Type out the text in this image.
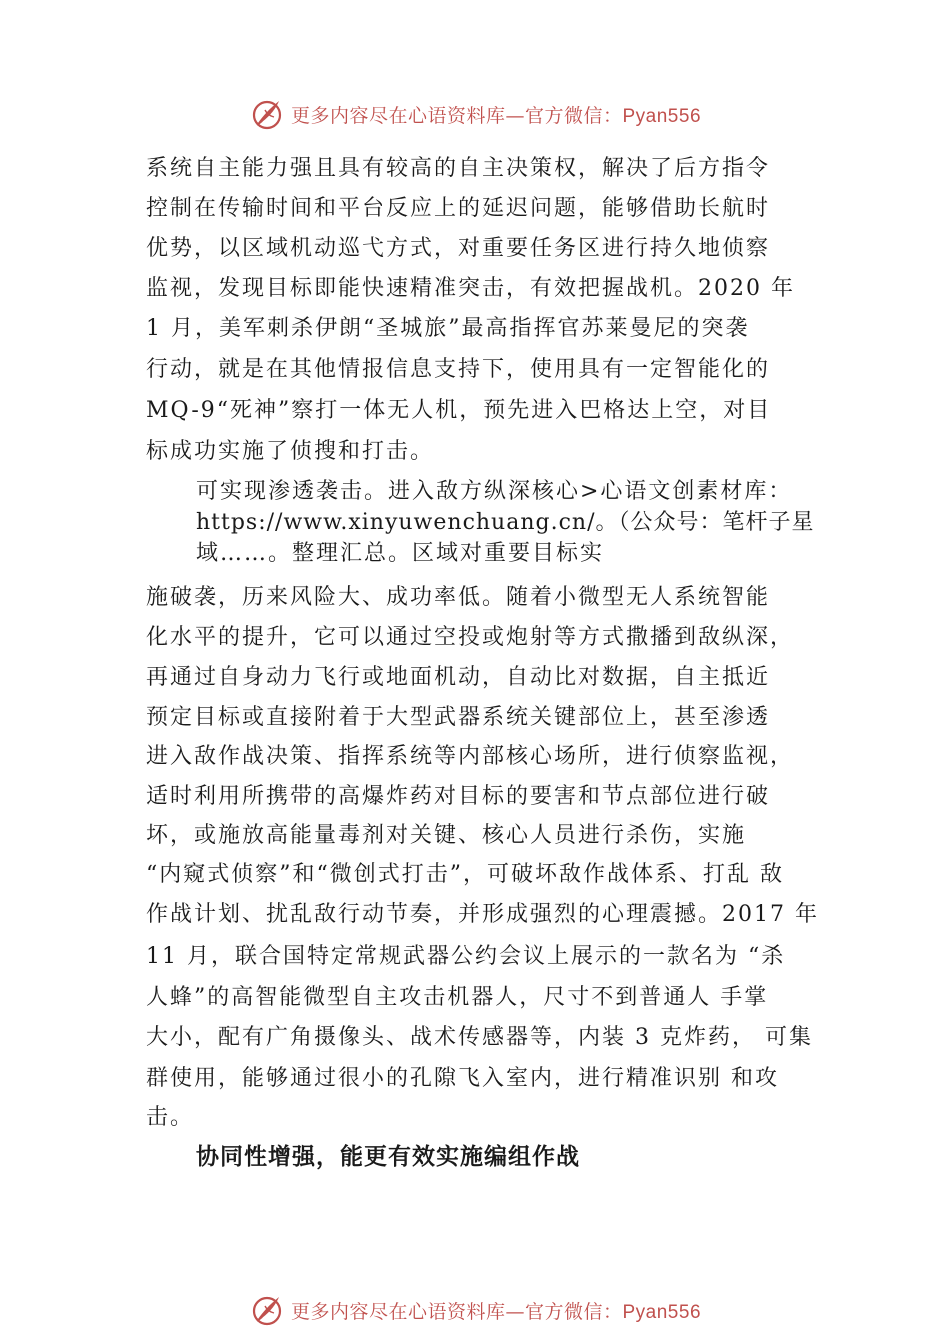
更多内容尽在心语资料库—官方微信：Pyan556
系统自主能力强且具有较高的自主决策权，解决了后方指令
控制在传输时间和平台反应上的延迟问题，能够借助长航时
优势，以区域机动巡弋方式，对重要任务区进行持久地侦察
监视，发现目标即能快速精准突击，有效把握战机。2020 年
1 月，美军刺杀伊朗“圣城旅”最高指挥官苏莱曼尼的突袭
行动，就是在其他情报信息支持下，使用具有一定智能化的
MQ-9“死神”察打一体无人机，预先进入巴格达上空，对目
标成功实施了侦搜和打击。
可实现渗透袭击。进入敌方纵深核心>心语文创素材库：
https://www.xinyuwenchuang.cn/。（公众号：笔杆子星
域……。整理汇总。区域对重要目标实
施破袭，历来风险大、成功率低。随着小微型无人系统智能
化水平的提升，它可以通过空投或炮射等方式撒播到敌纵深，
再通过自身动力飞行或地面机动，自动比对数据，自主抵近
预定目标或直接附着于大型武器系统关键部位上，甚至渗透
进入敌作战决策、指挥系统等内部核心场所，进行侦察监视，
适时利用所携带的高爆炸药对目标的要害和节点部位进行破
坏，或施放高能量毒剂对关键、核心人员进行杀伤，实施
“内窥式侦察”和“微创式打击”，可破坏敌作战体系、打乱 敌
作战计划、扰乱敌行动节奏，并形成强烈的心理震撼。2017 年
11 月，联合国特定常规武器公约会议上展示的一款名为 “杀
人蜂”的高智能微型自主攻击机器人，尺寸不到普通人 手掌
大小，配有广角摄像头、战术传感器等，内装 3 克炸药， 可集
群使用，能够通过很小的孔隙飞入室内，进行精准识别 和攻
击。
协同性增强，能更有效实施编组作战
更多内容尽在心语资料库—官方微信：Pyan556
